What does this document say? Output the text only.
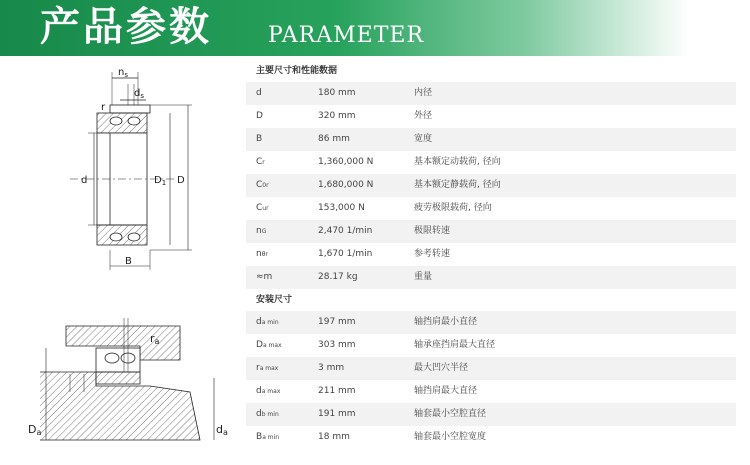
产品参数	PARAMETER
$n_s$
$d_s$
r
d	$D_1$ D
B
ra
Da	da
主要尺寸和性能数据
d	180 mm	内径
D	320 mm	外径
B	86 mm	宽度
Cr	1,360,000 N	基本额定动载荷, 径向
C0r	1,680,000 N	基本额定静载荷, 径向
Cur	153,000 N	疲劳极限载荷, 径向
nG	2,470 1/min	极限转速
nθr	1,670 1/min	参考转速
≈m	28.17 kg	重量
安装尺寸
da min	197 mm	轴挡肩最小直径
Da max	303 mm	轴承座挡肩最大直径
ra max	3 mm	最大凹穴半径
da max	211 mm	轴挡肩最大直径
db min	191 mm	轴套最小空腔直径
Ba min	18 mm	轴套最小空腔宽度
